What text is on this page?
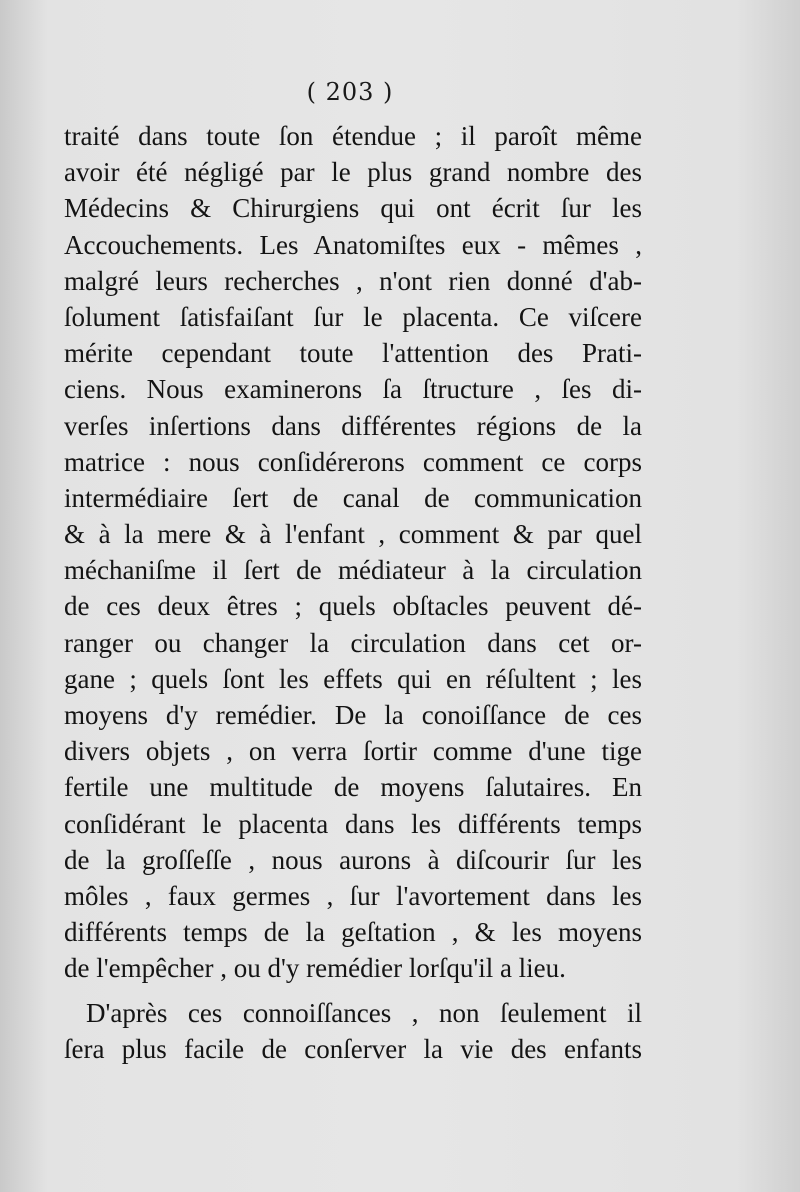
( 203 )
traité dans toute ſon étendue ; il paroît même
avoir été négligé par le plus grand nombre des
Médecins & Chirurgiens qui ont écrit ſur les
Accouchements. Les Anatomiſtes eux - mêmes ,
malgré leurs recherches , n'ont rien donné d'ab-
ſolument ſatisfaiſant ſur le placenta. Ce viſcere
mérite cependant toute l'attention des Prati-
ciens. Nous examinerons ſa ſtructure , ſes di-
verſes inſertions dans différentes régions de la
matrice : nous conſidérerons comment ce corps
intermédiaire ſert de canal de communication
& à la mere & à l'enfant , comment & par quel
méchaniſme il ſert de médiateur à la circulation
de ces deux êtres ; quels obſtacles peuvent dé-
ranger ou changer la circulation dans cet or-
gane ; quels ſont les effets qui en réſultent ; les
moyens d'y remédier. De la conoiſſance de ces
divers objets , on verra ſortir comme d'une tige
fertile une multitude de moyens ſalutaires. En
conſidérant le placenta dans les différents temps
de la groſſeſſe , nous aurons à diſcourir ſur les
môles , faux germes , ſur l'avortement dans les
différents temps de la geſtation , & les moyens
de l'empêcher , ou d'y remédier lorſqu'il a lieu.
D'après ces connoiſſances , non ſeulement il
ſera plus facile de conſerver la vie des enfants
